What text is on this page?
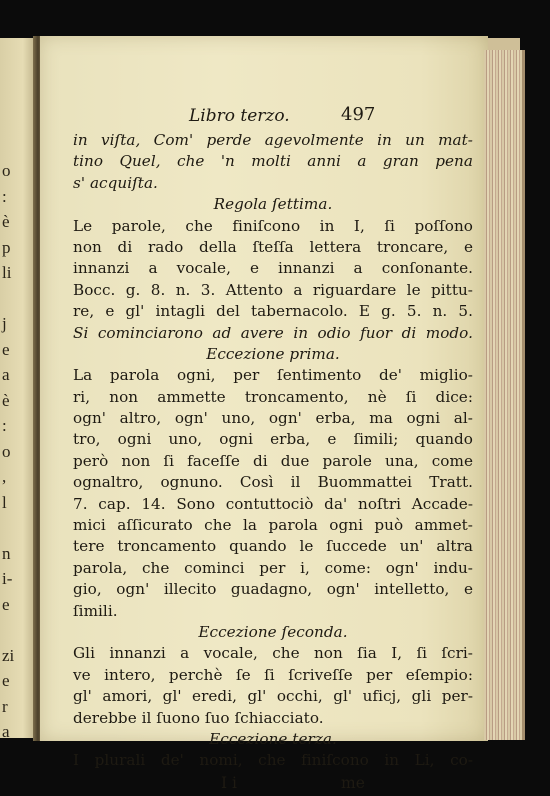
o
:
è
p
li

j
e
a
è
:
o
,
l

n
i-
e

zi
e
r
a
Libro terzo.	497
in viſta, Com' perde agevolmente in un mat-
tino Quel, che 'n molti anni a gran pena
s' acquiſta.
Regola ſettima.
Le parole, che finiſcono in I, ſi poſſono
non di rado della ſteſſa lettera troncare, e
innanzi a vocale, e innanzi a conſonante.
Bocc. g. 8. n. 3. Attento a riguardare le pittu-
re, e gl' intagli del tabernacolo. E g. 5. n. 5.
Si cominciarono ad avere in odio fuor di modo.
Eccezione prima.
La parola ogni, per ſentimento de' miglio-
ri, non ammette troncamento, nè ſi dice:
ogn' altro, ogn' uno, ogn' erba, ma ogni al-
tro, ogni uno, ogni erba, e ſimili; quando
però non ſi faceſſe di due parole una, come
ognaltro, ognuno. Così il Buommattei Tratt.
7. cap. 14. Sono contuttociò da' noſtri Accade-
mici aſſicurato che la parola ogni può ammet-
tere troncamento quando le ſuccede un' altra
parola, che cominci per i, come: ogn' indu-
gio, ogn' illecito guadagno, ogn' intelletto, e
ſimili.
Eccezione ſeconda.
Gli innanzi a vocale, che non ſia I, ſi ſcri-
ve intero, perchè ſe ſi ſcriveſſe per eſempio:
gl' amori, gl' eredi, gl' occhi, gl' uficj, gli per-
derebbe il ſuono ſuo ſchiacciato.
Eccezione terza.
I plurali de' nomi, che finiſcono in Li, co-
I i	me
